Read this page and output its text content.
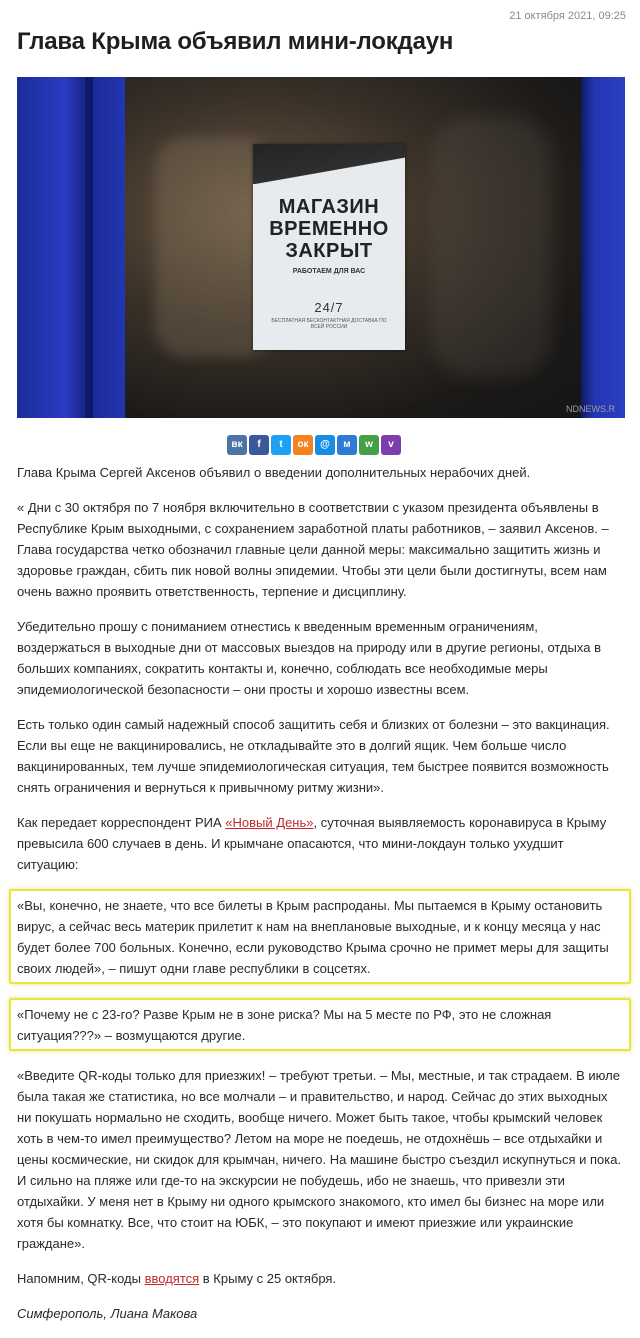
21 октября 2021, 09:25
Глава Крыма объявил мини-локдаун
МАГАЗИН
ВРЕМЕННО
ЗАКРЫТ
РАБОТАЕМ ДЛЯ ВАС
24/7
БЕСПЛАТНАЯ БЕСКОНТАКТНАЯ ДОСТАВКА ПО ВСЕЙ РОССИИ
NDNEWS.R
вк	f	t	ок	@	м	w	v

Глава Крыма Сергей Аксенов объявил о введении дополнительных нерабочих дней.

« Дни с 30 октября по 7 ноября включительно в соответствии с указом президента объявлены в Республике Крым выходными, с сохранением заработной платы работников, – заявил Аксенов. – Глава государства четко обозначил главные цели данной меры: максимально защитить жизнь и здоровье граждан, сбить пик новой волны эпидемии. Чтобы эти цели были достигнуты, всем нам очень важно проявить ответственность, терпение и дисциплину.

Убедительно прошу с пониманием отнестись к введенным временным ограничениям, воздержаться в выходные дни от массовых выездов на природу или в другие регионы, отдыха в больших компаниях, сократить контакты и, конечно, соблюдать все необходимые меры эпидемиологической безопасности – они просты и хорошо известны всем.

Есть только один самый надежный способ защитить себя и близких от болезни – это вакцинация. Если вы еще не вакцинировались, не откладывайте это в долгий ящик. Чем больше число вакцинированных, тем лучше эпидемиологическая ситуация, тем быстрее появится возможность снять ограничения и вернуться к привычному ритму жизни».

Как передает корреспондент РИА «Новый День», суточная выявляемость коронавируса в Крыму превысила 600 случаев в день. И крымчане опасаются, что мини-локдаун только ухудшит ситуацию:

«Вы, конечно, не знаете, что все билеты в Крым распроданы. Мы пытаемся в Крыму остановить вирус, а сейчас весь материк прилетит к нам на внеплановые выходные, и к концу месяца у нас будет более 700 больных. Конечно, если руководство Крыма срочно не примет меры для защиты своих людей», – пишут одни главе республики в соцсетях.

«Почему не с 23-го? Разве Крым не в зоне риска? Мы на 5 месте по РФ, это не сложная ситуация???» – возмущаются другие.

«Введите QR-коды только для приезжих! – требуют третьи. – Мы, местные, и так страдаем. В июле была такая же статистика, но все молчали – и правительство, и народ. Сейчас до этих выходных ни покушать нормально не сходить, вообще ничего. Может быть такое, чтобы крымский человек хоть в чем-то имел преимущество? Летом на море не поедешь, не отдохнёшь – все отдыхайки и цены космические, ни скидок для крымчан, ничего. На машине быстро съездил искупнуться и пока. И сильно на пляже или где-то на экскурсии не побудешь, ибо не знаешь, что привезли эти отдыхайки. У меня нет в Крыму ни одного крымского знакомого, кто имел бы бизнес на море или хотя бы комнатку. Все, что стоит на ЮБК, – это покупают и имеют приезжие или украинские граждане».

Напомним, QR-коды вводятся в Крыму с 25 октября.

Симферополь, Лиана Макова
